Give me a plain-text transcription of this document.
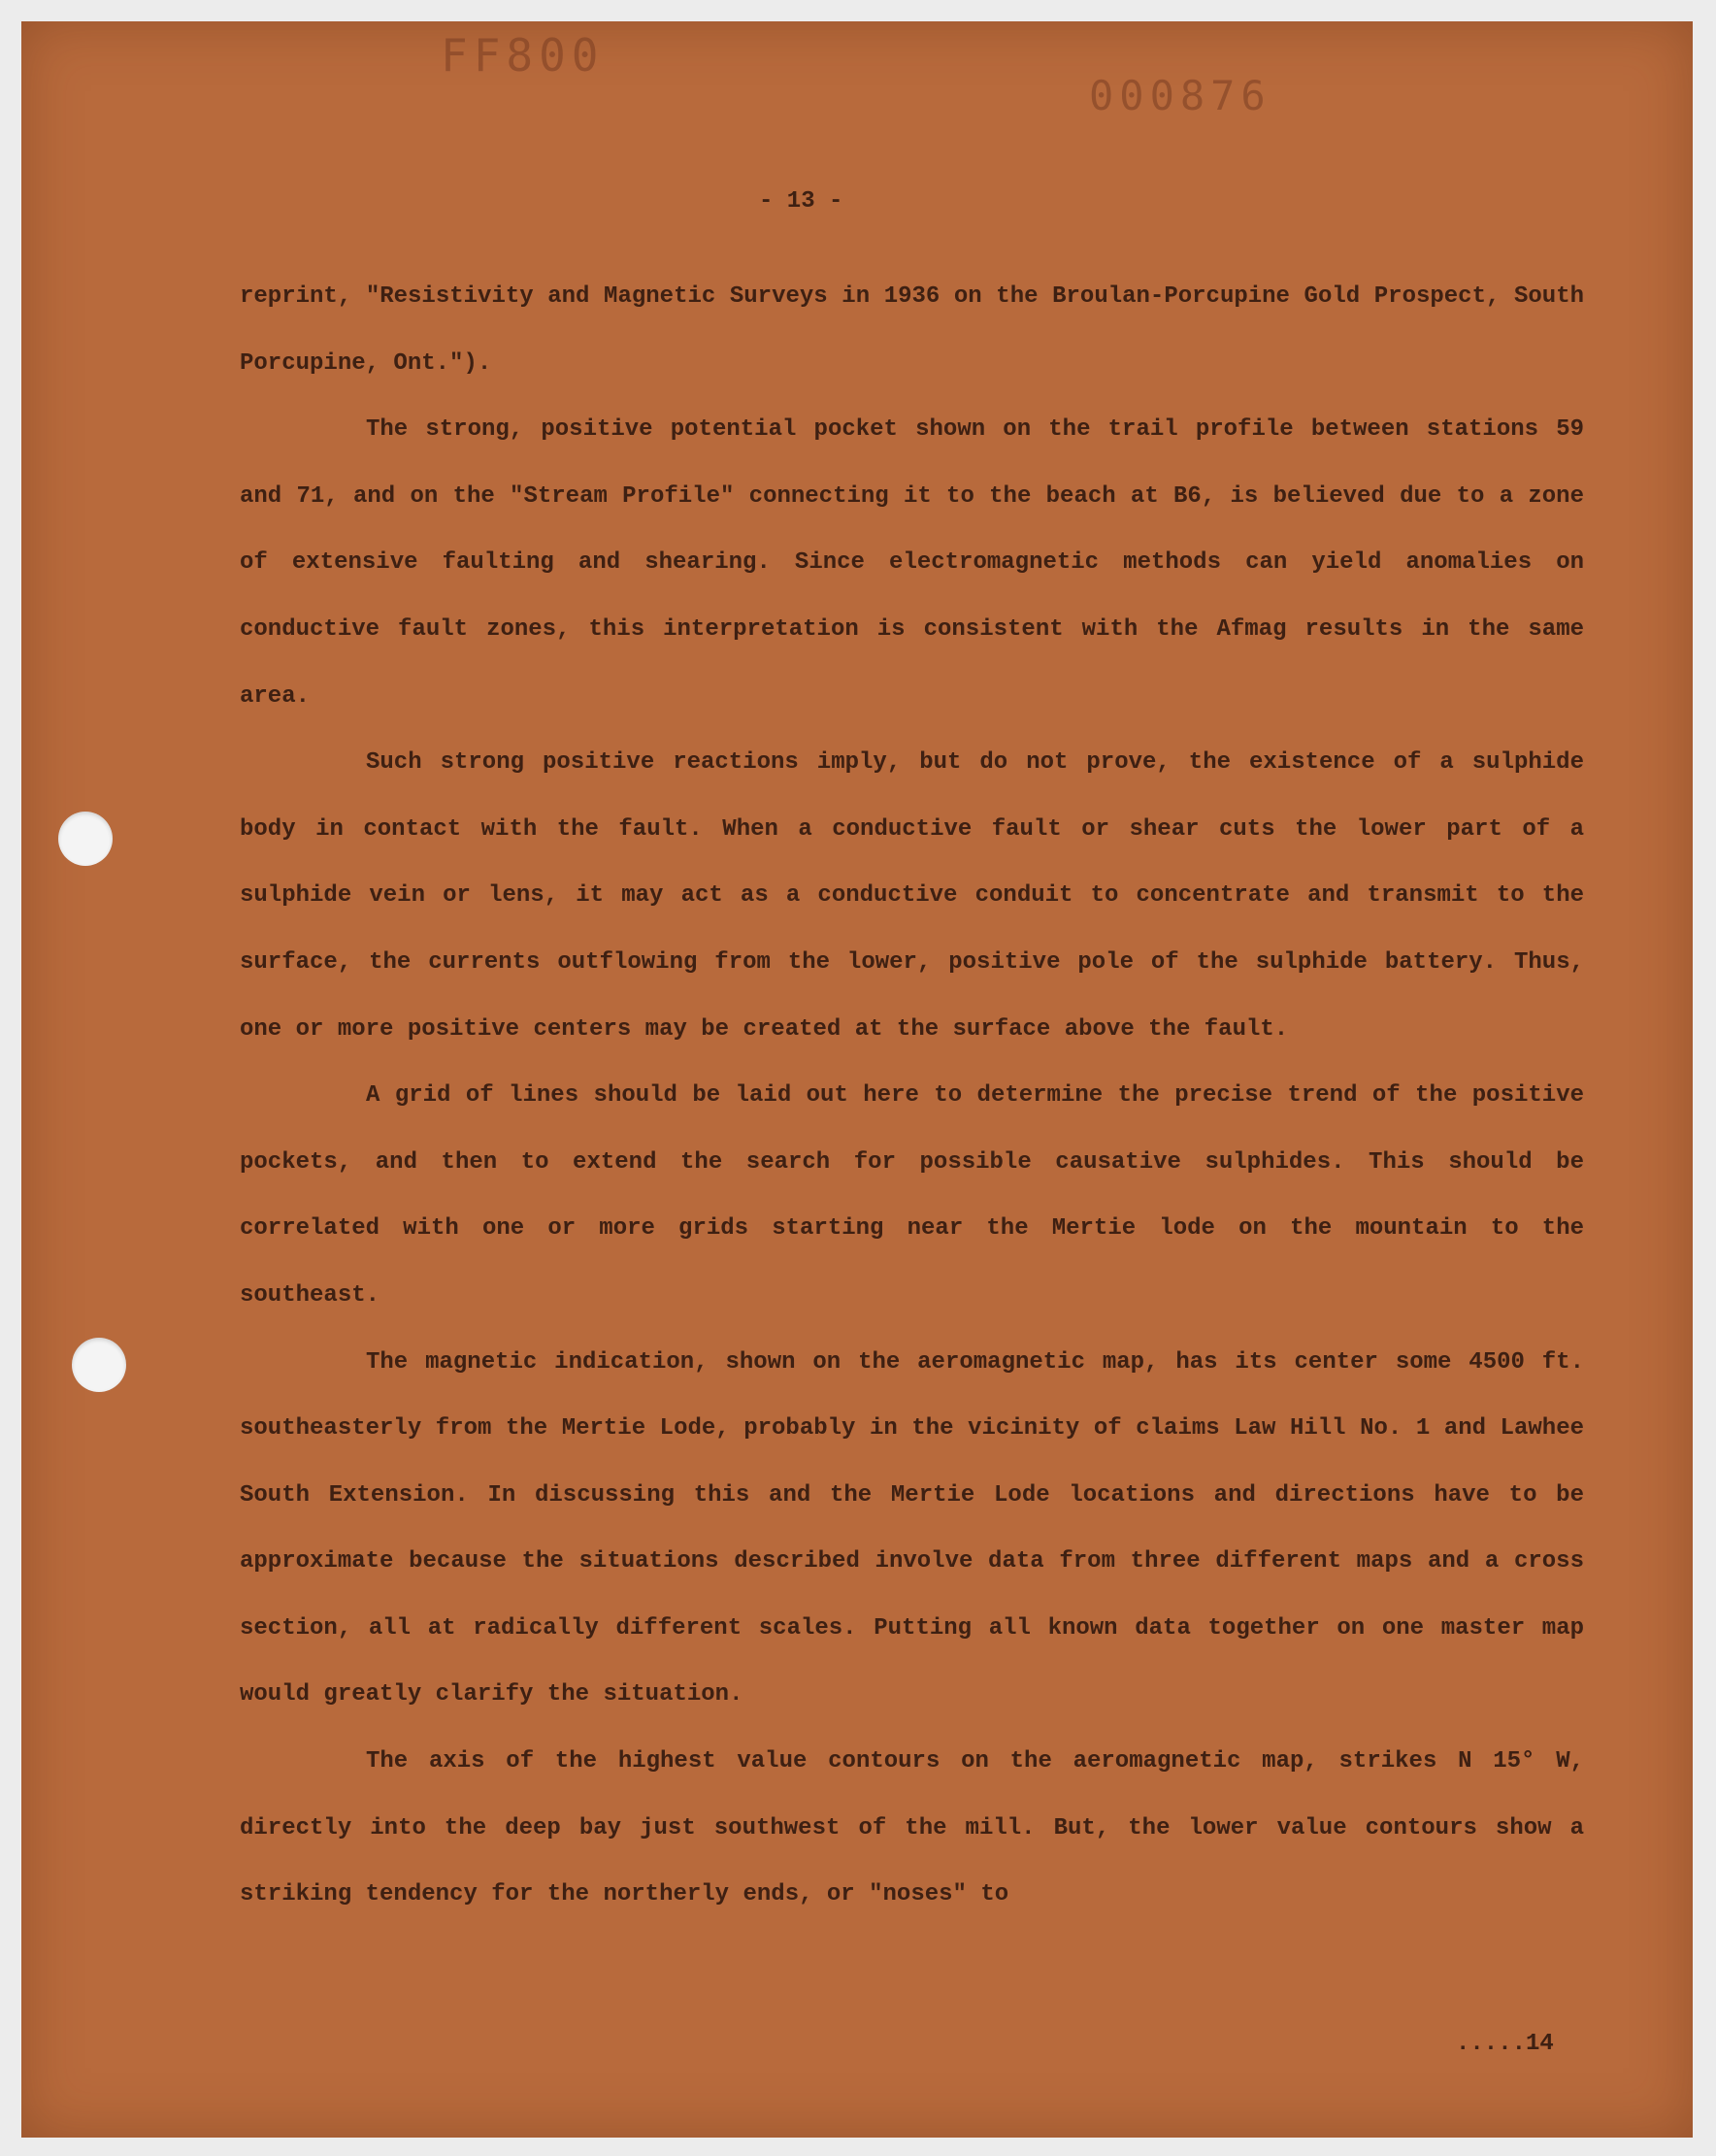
FF800
000876
- 13 -

reprint, "Resistivity and Magnetic Surveys in 1936 on the Broulan-Porcupine Gold Prospect, South Porcupine, Ont.").

The strong, positive potential pocket shown on the trail profile between stations 59 and 71, and on the "Stream Profile" connecting it to the beach at B6, is believed due to a zone of extensive faulting and shearing. Since electromagnetic methods can yield anomalies on conductive fault zones, this interpretation is consistent with the Afmag results in the same area.

Such strong positive reactions imply, but do not prove, the existence of a sulphide body in contact with the fault. When a conductive fault or shear cuts the lower part of a sulphide vein or lens, it may act as a conductive conduit to concentrate and transmit to the surface, the currents outflowing from the lower, positive pole of the sulphide battery. Thus, one or more positive centers may be created at the surface above the fault.

A grid of lines should be laid out here to determine the precise trend of the positive pockets, and then to extend the search for possible causative sulphides. This should be correlated with one or more grids starting near the Mertie lode on the mountain to the southeast.

The magnetic indication, shown on the aeromagnetic map, has its center some 4500 ft. southeasterly from the Mertie Lode, probably in the vicinity of claims Law Hill No. 1 and Lawhee South Extension. In discussing this and the Mertie Lode locations and directions have to be approximate because the situations described involve data from three different maps and a cross section, all at radically different scales. Putting all known data together on one master map would greatly clarify the situation.

The axis of the highest value contours on the aeromagnetic map, strikes N 15° W, directly into the deep bay just southwest of the mill. But, the lower value contours show a striking tendency for the northerly ends, or "noses" to

.....14
